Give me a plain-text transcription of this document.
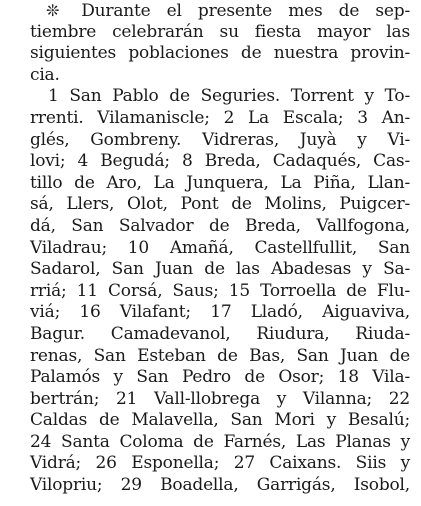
❊ Durante el presente mes de sep-
tiembre celebrarán su fiesta mayor las
siguientes poblaciones de nuestra provin-
cia.
1 San Pablo de Seguries. Torrent y To-
rrenti. Vilamaniscle; 2 La Escala; 3 An-
glés, Gombreny. Vidreras, Juyà y Vi-
lovi; 4 Begudá; 8 Breda, Cadaqués, Cas-
tillo de Aro, La Junquera, La Piña, Llan-
sá, Llers, Olot, Pont de Molins, Puigcer-
dá, San Salvador de Breda, Vallfogona,
Viladrau; 10 Amañá, Castellfullit, San
Sadarol, San Juan de las Abadesas y Sa-
rriá; 11 Corsá, Saus; 15 Torroella de Flu-
viá; 16 Vilafant; 17 Lladó, Aiguaviva,
Bagur. Camadevanol, Riudura, Riuda-
renas, San Esteban de Bas, San Juan de
Palamós y San Pedro de Osor; 18 Vila-
bertrán; 21 Vall-llobrega y Vilanna; 22
Caldas de Malavella, San Mori y Besalú;
24 Santa Coloma de Farnés, Las Planas y
Vidrá; 26 Esponella; 27 Caixans. Siis y
Vilopriu; 29 Boadella, Garrigás, Isobol,
